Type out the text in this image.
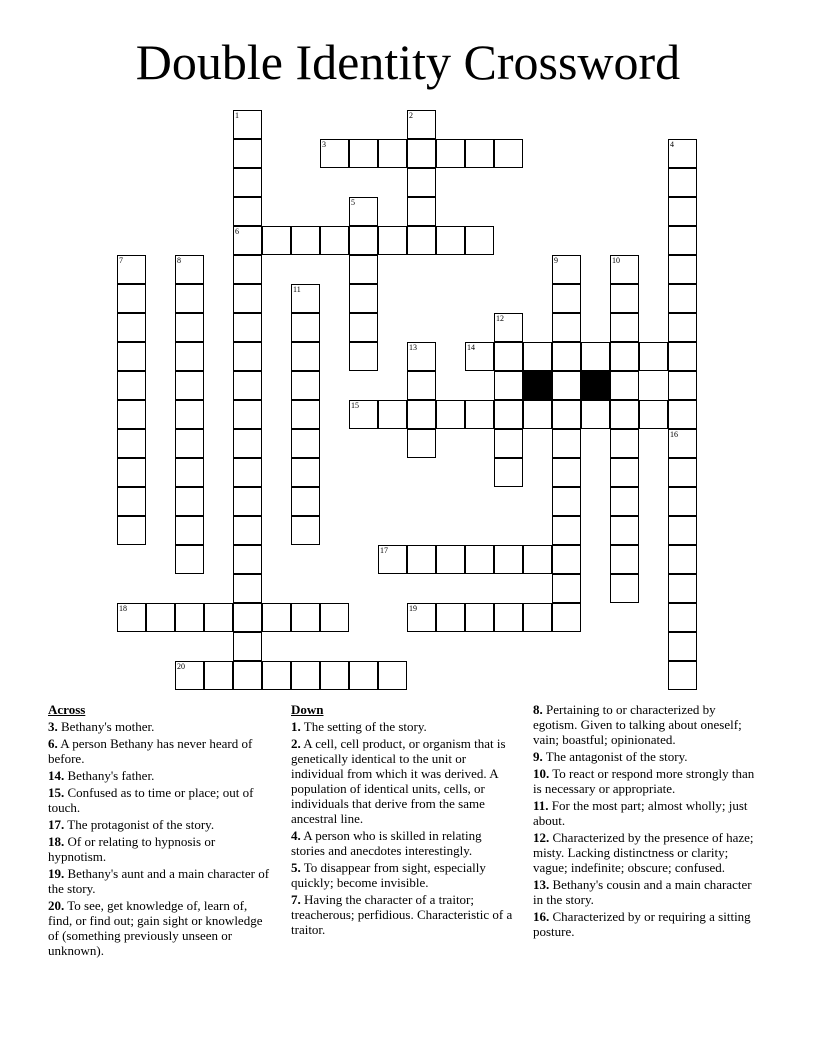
Double Identity Crossword
1
6
2
3	4
5
7	8	9	10
11
12
13	14
15
16
17
18	19
20
Across
3. Bethany's mother.
6. A person Bethany has never heard of before.
14. Bethany's father.
15. Confused as to time or place; out of touch.
17. The protagonist of the story.
18. Of or relating to hypnosis or hypnotism.
19. Bethany's aunt and a main character of the story.
20. To see, get knowledge of, learn of, find, or find out; gain sight or knowledge of (something previously unseen or unknown).
Down
1. The setting of the story.
2. A cell, cell product, or organism that is genetically identical to the unit or individual from which it was derived. A population of identical units, cells, or individuals that derive from the same ancestral line.
4. A person who is skilled in relating stories and anecdotes interestingly.
5. To disappear from sight, especially quickly; become invisible.
7. Having the character of a traitor; treacherous; perfidious. Characteristic of a traitor.
8. Pertaining to or characterized by egotism. Given to talking about oneself; vain; boastful; opinionated.
9. The antagonist of the story.
10. To react or respond more strongly than is necessary or appropriate.
11. For the most part; almost wholly; just about.
12. Characterized by the presence of haze; misty. Lacking distinctness or clarity; vague; indefinite; obscure; confused.
13. Bethany's cousin and a main character in the story.
16. Characterized by or requiring a sitting posture.
